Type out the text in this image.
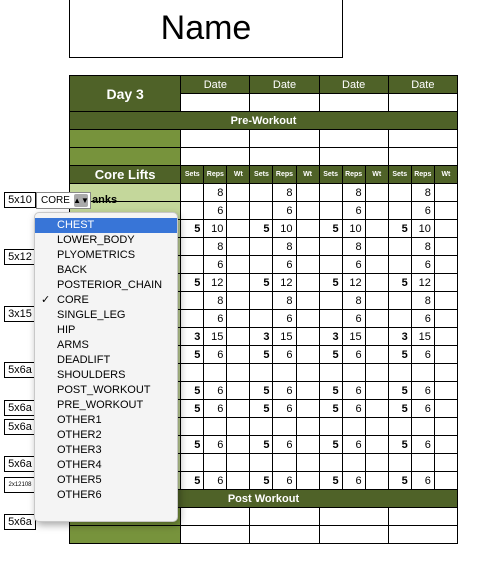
Name
Day 3	Date			Date			Date			Date		

Pre-Workout												

Core Lifts	Sets	Reps	Wt	Sets	Reps	Wt	Sets	Reps	Wt	Sets	Reps	Wt
		8			8			8			8	
		6			6			6			6	
	5	10		5	10		5	10		5	10	
		8			8			8			8	
		6			6			6			6	
	5	12		5	12		5	12		5	12	
		8			8			8			8	
		6			6			6			6	
	3	15		3	15		3	15		3	15	
	5	6		5	6		5	6		5	6	

	5	6		5	6		5	6		5	6	
	5	6		5	6		5	6		5	6	

	5	6		5	6		5	6		5	6	

	5	6		5	6		5	6		5	6	
Post Workout												

5x10
5x12
3x15
5x6a
5x6a
5x6a
5x6a
2x12108
5x6a
CORE ▲▼ anks
CHEST
LOWER_BODY
PLYOMETRICS
BACK
POSTERIOR_CHAIN
✓ CORE
SINGLE_LEG
HIP
ARMS
DEADLIFT
SHOULDERS
POST_WORKOUT
PRE_WORKOUT
OTHER1
OTHER2
OTHER3
OTHER4
OTHER5
OTHER6
